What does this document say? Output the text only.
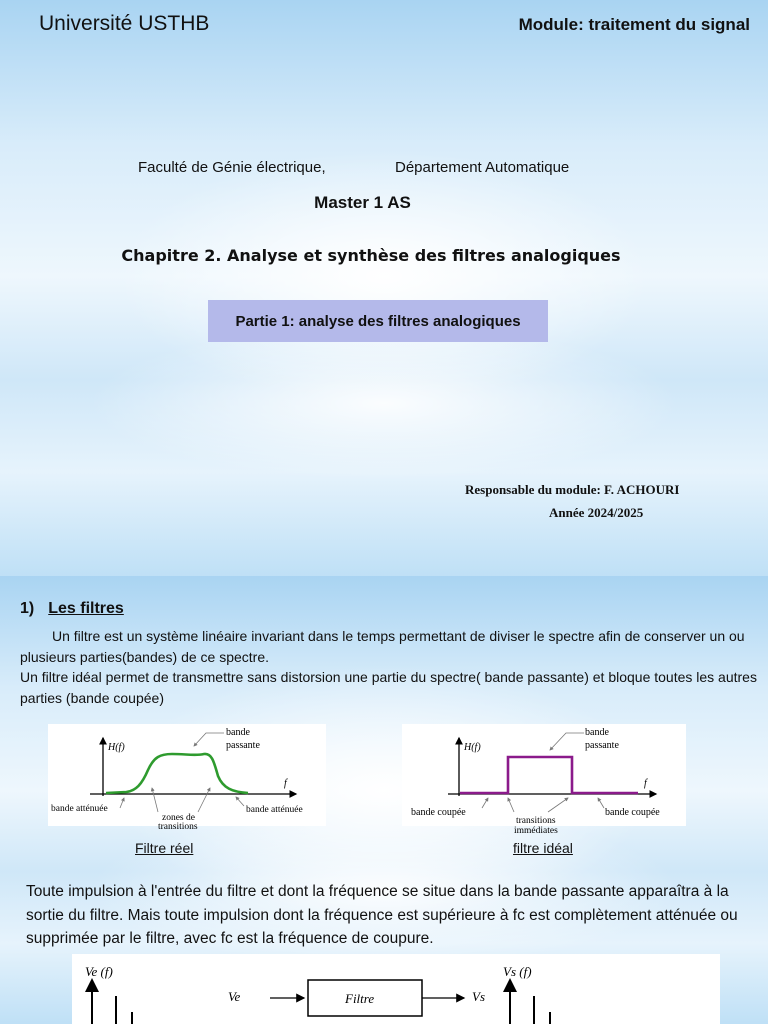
Université USTHB	Module: traitement du signal
Faculté de Génie électrique,	Département Automatique
Master 1 AS
Chapitre 2. Analyse et synthèse des filtres analogiques
Partie 1: analyse des filtres analogiques
Responsable du module: F. ACHOURI
Année 2024/2025
1) Les filtres

Un filtre est un système linéaire invariant dans le temps permettant de diviser le spectre afin de conserver un ou plusieurs parties(bandes) de ce spectre.

Un filtre idéal permet de transmettre sans distorsion une partie du spectre( bande passante) et bloque toutes les autres parties (bande coupée)

H(f)
f
bande
passante
bande atténuée	bande atténuée
zones de
transitions
Filtre réel
H(f)
f
bande
passante
bande coupée	bande coupée
transitions
immédiates
filtre idéal
Toute impulsion à l'entrée du filtre et dont la fréquence se situe dans la bande passante apparaîtra à la sortie du filtre. Mais toute impulsion dont la fréquence est supérieure à fc est complètement atténuée ou supprimée par le filtre, avec fc est la fréquence de coupure.
Ve (f)
Ve	Filtre	Vs
Vs (f)
